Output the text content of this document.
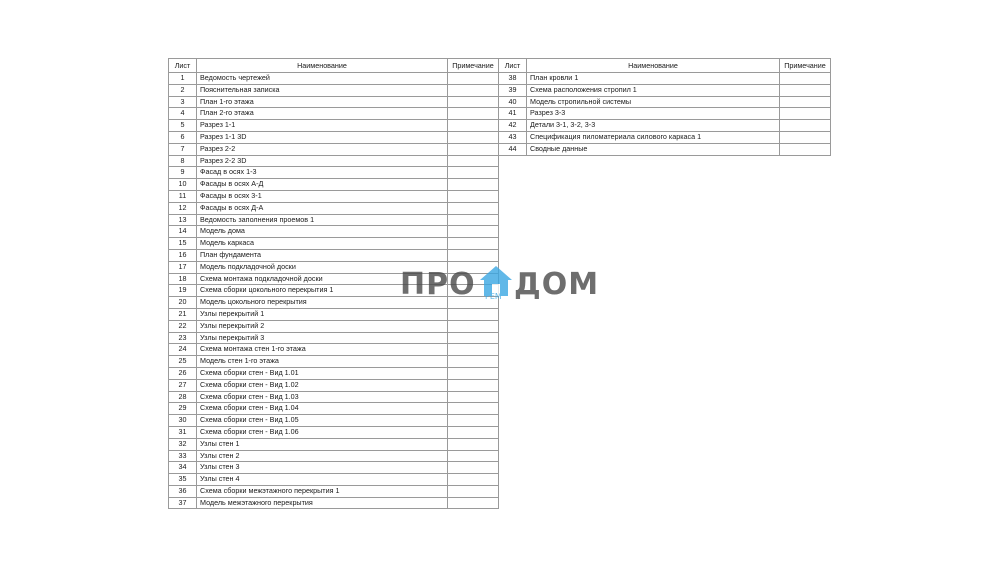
Лист	Наименование	Примечание
1	Ведомость чертежей	
2	Пояснительная записка	
3	План 1-го этажа	
4	План 2-го этажа	
5	Разрез 1-1	
6	Разрез 1-1 3D	
7	Разрез 2-2	
8	Разрез 2-2 3D	
9	Фасад в осях 1-3	
10	Фасады в осях А-Д	
11	Фасады в осях 3-1	
12	Фасады в осях Д-А	
13	Ведомость заполнения проемов 1	
14	Модель дома	
15	Модель каркаса	
16	План фундамента	
17	Модель подкладочной доски	
18	Схема монтажа подкладочной доски	
19	Схема сборки цокольного перекрытия 1	
20	Модель цокольного перекрытия	
21	Узлы перекрытий 1	
22	Узлы перекрытий 2	
23	Узлы перекрытий 3	
24	Схема монтажа стен 1-го этажа	
25	Модель стен 1-го этажа	
26	Схема сборки стен - Вид 1.01	
27	Схема сборки стен - Вид 1.02	
28	Схема сборки стен - Вид 1.03	
29	Схема сборки стен - Вид 1.04	
30	Схема сборки стен - Вид 1.05	
31	Схема сборки стен - Вид 1.06	
32	Узлы стен 1	
33	Узлы стен 2	
34	Узлы стен 3	
35	Узлы стен 4	
36	Схема сборки межэтажного перекрытия 1	
37	Модель межэтажного перекрытия	
Лист	Наименование	Примечание
38	План кровли 1	
39	Схема расположения стропил 1	
40	Модель стропильной системы	
41	Разрез 3-3	
42	Детали 3-1, 3-2, 3-3	
43	Спецификация пиломатериала силового каркаса 1	
44	Сводные данные	
ПРО РЕМ ДОМ
